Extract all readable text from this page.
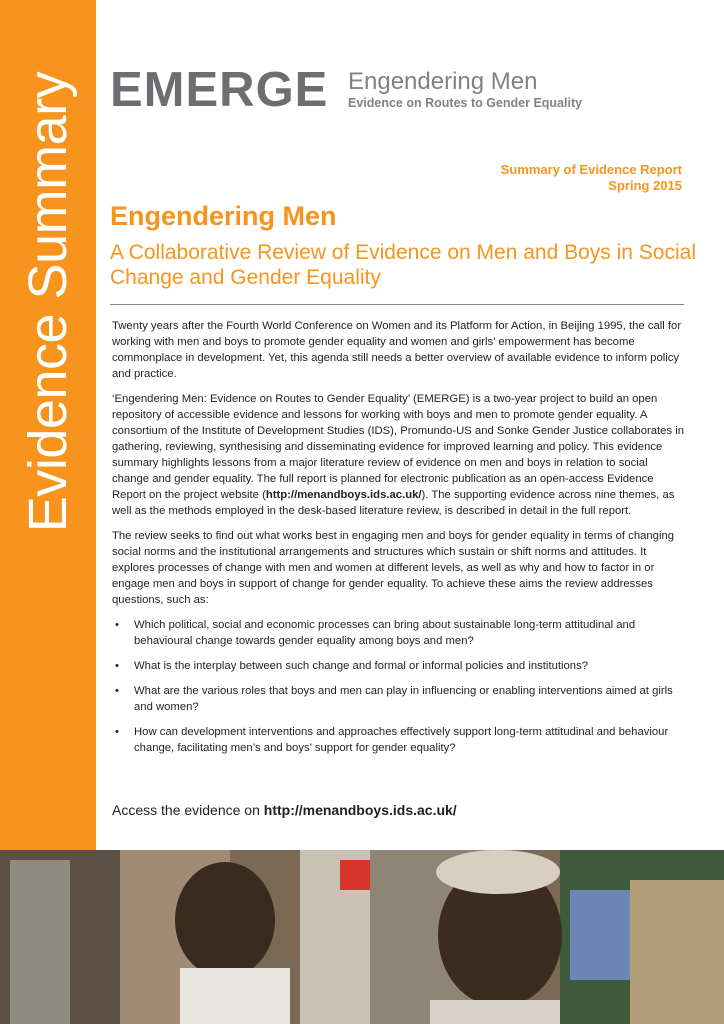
Evidence Summary EMERGE Engendering Men
Evidence on Routes to Gender Equality
Summary of Evidence Report
Spring 2015
Engendering Men
A Collaborative Review of Evidence on Men and Boys in Social Change and Gender Equality

Twenty years after the Fourth World Conference on Women and its Platform for Action, in Beijing 1995, the call for working with men and boys to promote gender equality and women and girls’ empowerment has become commonplace in development. Yet, this agenda still needs a better overview of available evidence to inform policy and practice.

‘Engendering Men: Evidence on Routes to Gender Equality’ (EMERGE) is a two-year project to build an open repository of accessible evidence and lessons for working with boys and men to promote gender equality. A consortium of the Institute of Development Studies (IDS), Promundo-US and Sonke Gender Justice collaborates in gathering, reviewing, synthesising and disseminating evidence for improved learning and policy. This evidence summary highlights lessons from a major literature review of evidence on men and boys in relation to social change and gender equality. The full report is planned for electronic publication as an open-access Evidence Report on the project website (http://menandboys.ids.ac.uk/). The supporting evidence across nine themes, as well as the methods employed in the desk-based literature review, is described in detail in the full report.

The review seeks to find out what works best in engaging men and boys for gender equality in terms of changing social norms and the institutional arrangements and structures which sustain or shift norms and attitudes. It explores processes of change with men and women at different levels, as well as why and how to factor in or engage men and boys in support of change for gender equality. To achieve these aims the review addresses questions, such as:

• Which political, social and economic processes can bring about sustainable long-term attitudinal and behavioural change towards gender equality among boys and men?
• What is the interplay between such change and formal or informal policies and institutions?
• What are the various roles that boys and men can play in influencing or enabling interventions aimed at girls and women?
• How can development interventions and approaches effectively support long-term attitudinal and behaviour change, facilitating men’s and boys’ support for gender equality?
Access the evidence on http://menandboys.ids.ac.uk/
